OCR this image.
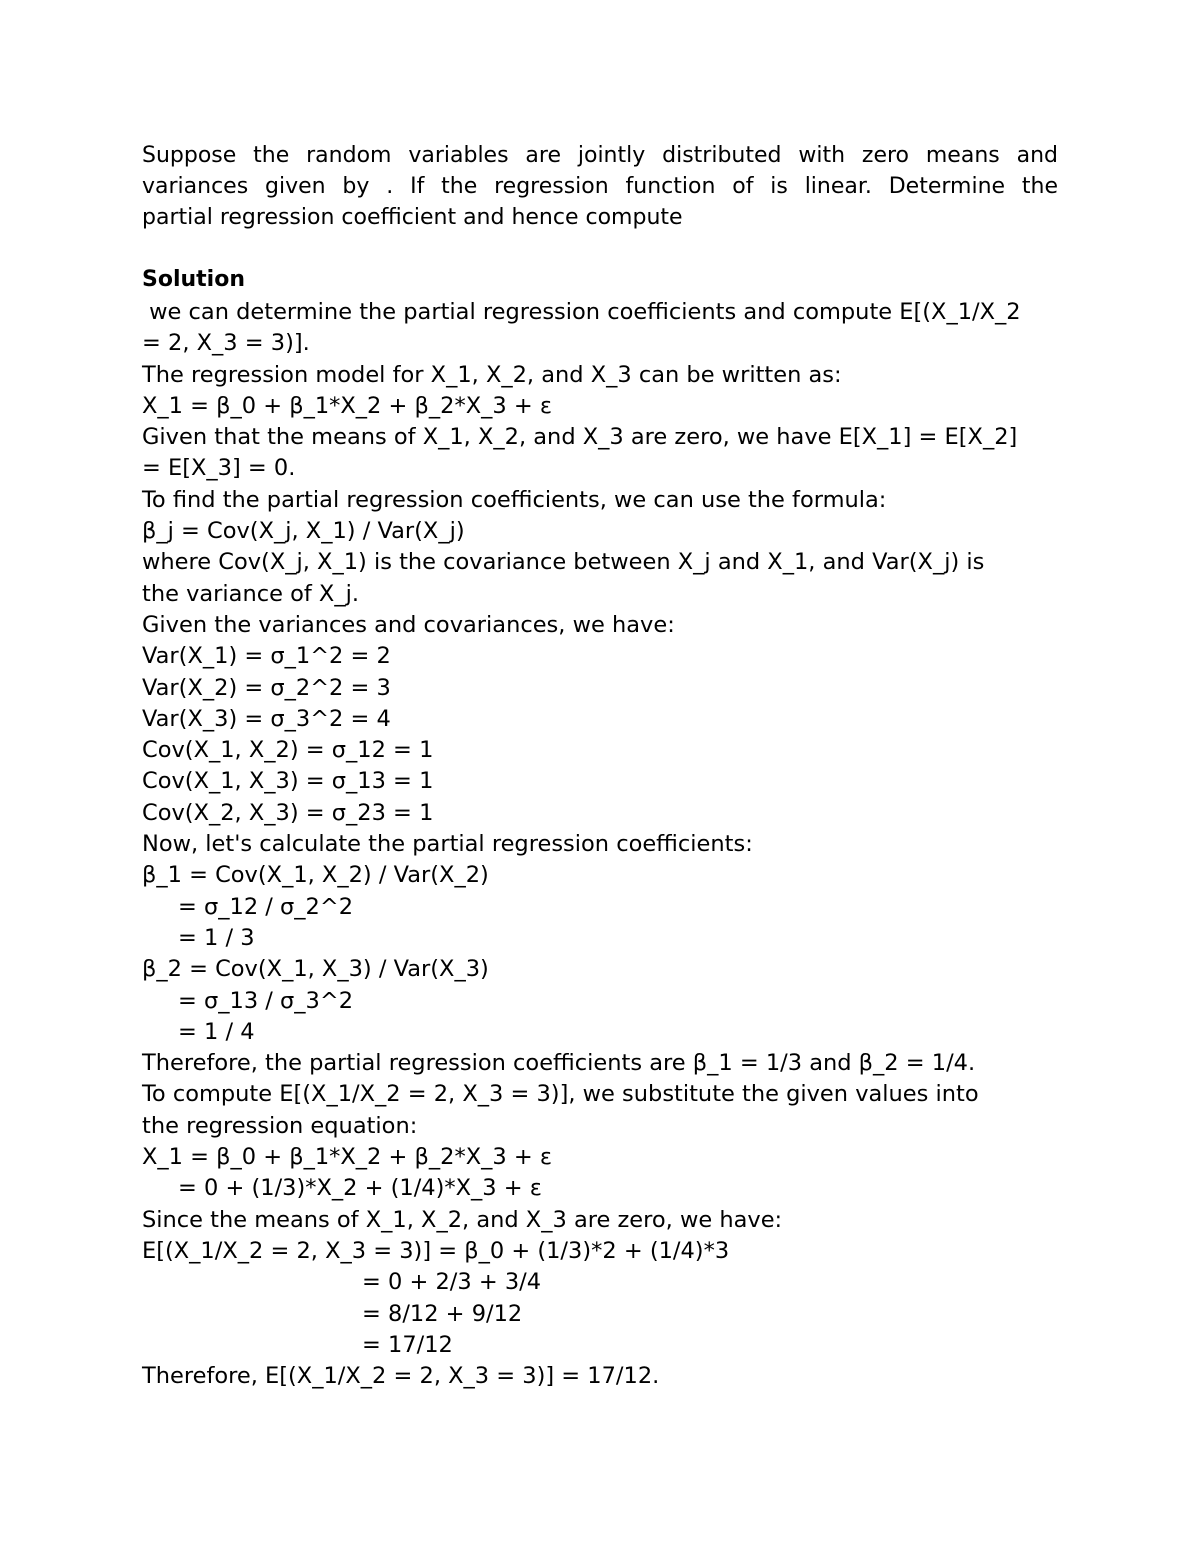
Suppose the random variables are jointly distributed with zero means and
variances given by . If the regression function of is linear. Determine the
partial regression coefficient and hence compute

Solution
we can determine the partial regression coefficients and compute E[(X_1/X_2
= 2, X_3 = 3)].
The regression model for X_1, X_2, and X_3 can be written as:
X_1 = β_0 + β_1*X_2 + β_2*X_3 + ε
Given that the means of X_1, X_2, and X_3 are zero, we have E[X_1] = E[X_2]
= E[X_3] = 0.
To find the partial regression coefficients, we can use the formula:
β_j = Cov(X_j, X_1) / Var(X_j)
where Cov(X_j, X_1) is the covariance between X_j and X_1, and Var(X_j) is
the variance of X_j.
Given the variances and covariances, we have:
Var(X_1) = σ_1^2 = 2
Var(X_2) = σ_2^2 = 3
Var(X_3) = σ_3^2 = 4
Cov(X_1, X_2) = σ_12 = 1
Cov(X_1, X_3) = σ_13 = 1
Cov(X_2, X_3) = σ_23 = 1
Now, let's calculate the partial regression coefficients:
β_1 = Cov(X_1, X_2) / Var(X_2)
= σ_12 / σ_2^2
= 1 / 3
β_2 = Cov(X_1, X_3) / Var(X_3)
= σ_13 / σ_3^2
= 1 / 4
Therefore, the partial regression coefficients are β_1 = 1/3 and β_2 = 1/4.
To compute E[(X_1/X_2 = 2, X_3 = 3)], we substitute the given values into
the regression equation:
X_1 = β_0 + β_1*X_2 + β_2*X_3 + ε
= 0 + (1/3)*X_2 + (1/4)*X_3 + ε
Since the means of X_1, X_2, and X_3 are zero, we have:
E[(X_1/X_2 = 2, X_3 = 3)] = β_0 + (1/3)*2 + (1/4)*3
= 0 + 2/3 + 3/4
= 8/12 + 9/12
= 17/12
Therefore, E[(X_1/X_2 = 2, X_3 = 3)] = 17/12.
